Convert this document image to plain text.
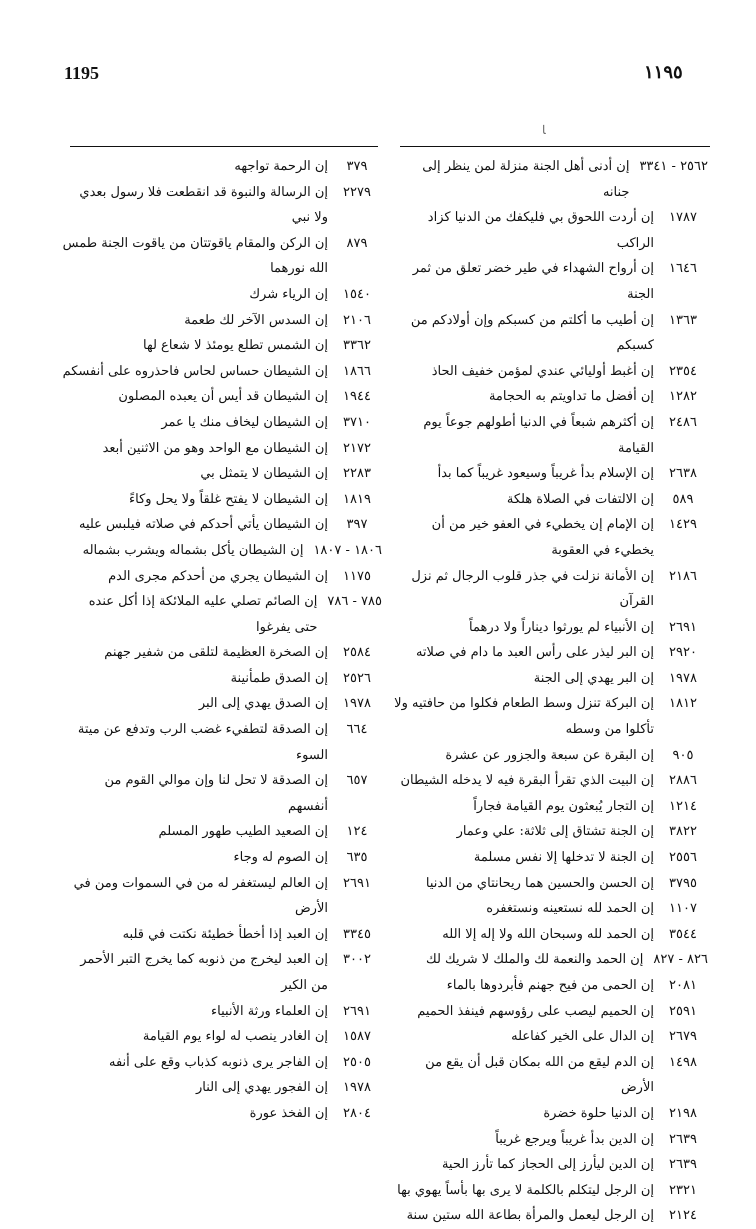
1195	١١٩٥
ﺎ
٢٥٦٢ - ٣٣٤١
إن أدنى أهل الجنة منزلة لمن ينظر إلى جنانه
١٧٨٧
إن أردت اللحوق بي فليكفك من الدنيا كزاد الراكب
١٦٤٦
إن أرواح الشهداء في طير خضر تعلق من ثمر الجنة
١٣٦٣
إن أطيب ما أكلتم من كسبكم وإن أولادكم من كسبكم
٢٣٥٤
إن أغبط أوليائي عندي لمؤمن خفيف الحاذ
١٢٨٢
إن أفضل ما تداويتم به الحجامة
٢٤٨٦
إن أكثرهم شبعاً في الدنيا أطولهم جوعاً يوم القيامة
٢٦٣٨
إن الإسلام بدأ غريباً وسيعود غريباً كما بدأ
٥٨٩
إن الالتفات في الصلاة هلكة
١٤٢٩
إن الإمام إن يخطيء في العفو خير من أن يخطيء في العقوبة
٢١٨٦
إن الأمانة نزلت في جذر قلوب الرجال ثم نزل القرآن
٢٦٩١
إن الأنبياء لم يورثوا ديناراً ولا درهماً
٢٩٢٠
إن البر ليذر على رأس العبد ما دام في صلاته
١٩٧٨
إن البر يهدي إلى الجنة
١٨١٢
إن البركة تنزل وسط الطعام فكلوا من حافتيه ولا تأكلوا من وسطه
٩٠٥
إن البقرة عن سبعة والجزور عن عشرة
٢٨٨٦
إن البيت الذي تقرأ البقرة فيه لا يدخله الشيطان
١٢١٤
إن التجار يُبعثون يوم القيامة فجاراً
٣٨٢٢
إن الجنة تشتاق إلى ثلاثة: علي وعمار
٢٥٥٦
إن الجنة لا تدخلها إلا نفس مسلمة
٣٧٩٥
إن الحسن والحسين هما ريحانتاي من الدنيا
١١٠٧
إن الحمد لله نستعينه ونستغفره
٣٥٤٤
إن الحمد لله وسبحان الله ولا إله إلا الله
٨٢٦ - ٨٢٧
إن الحمد والنعمة لك والملك لا شريك لك
٢٠٨١
إن الحمى من فيح جهنم فأبردوها بالماء
٢٥٩١
إن الحميم ليصب على رؤوسهم فينفذ الحميم
٢٦٧٩
إن الدال على الخير كفاعله
١٤٩٨
إن الدم ليقع من الله بمكان قبل أن يقع من الأرض
٢١٩٨
إن الدنيا حلوة خضرة
٢٦٣٩
إن الدين بدأ غريباً ويرجع غريباً
٢٦٣٩
إن الدين ليأرز إلى الحجاز كما تأرز الحية
٢٣٢١
إن الرجل ليتكلم بالكلمة لا يرى بها بأساً يهوي بها
٢١٢٤
إن الرجل ليعمل والمرأة بطاعة الله ستين سنة
٣٧٩
إن الرحمة تواجهه
٢٢٧٩
إن الرسالة والنبوة قد انقطعت فلا رسول بعدي ولا نبي
٨٧٩
إن الركن والمقام ياقوتتان من ياقوت الجنة طمس الله نورهما
١٥٤٠
إن الرياء شرك
٢١٠٦
إن السدس الآخر لك طعمة
٣٣٦٢
إن الشمس تطلع يومئذ لا شعاع لها
١٨٦٦
إن الشيطان حساس لحاس فاحذروه على أنفسكم
١٩٤٤
إن الشيطان قد أيس أن يعبده المصلون
٣٧١٠
إن الشيطان ليخاف منك يا عمر
٢١٧٢
إن الشيطان مع الواحد وهو من الاثنين أبعد
٢٢٨٣
إن الشيطان لا يتمثل بي
١٨١٩
إن الشيطان لا يفتح غلقاً ولا يحل وكاءً
٣٩٧
إن الشيطان يأتي أحدكم في صلاته فيلبس عليه
١٨٠٦ - ١٨٠٧
إن الشيطان يأكل بشماله ويشرب بشماله
١١٧٥
إن الشيطان يجري من أحدكم مجرى الدم
٧٨٥ - ٧٨٦
إن الصائم تصلي عليه الملائكة إذا أكل عنده حتى يفرغوا
٢٥٨٤
إن الصخرة العظيمة لتلقى من شفير جهنم
٢٥٢٦
إن الصدق طمأنينة
١٩٧٨
إن الصدق يهدي إلى البر
٦٦٤
إن الصدقة لتطفيء غضب الرب وتدفع عن ميتة السوء
٦٥٧
إن الصدقة لا تحل لنا وإن موالي القوم من أنفسهم
١٢٤
إن الصعيد الطيب طهور المسلم
٦٣٥
إن الصوم له وجاء
٢٦٩١
إن العالم ليستغفر له من في السموات ومن في الأرض
٣٣٤٥
إن العبد إذا أخطأ خطيئة نكتت في قلبه
٣٠٠٢
إن العبد ليخرج من ذنوبه كما يخرج التبر الأحمر من الكير
٢٦٩١
إن العلماء ورثة الأنبياء
١٥٨٧
إن الغادر ينصب له لواء يوم القيامة
٢٥٠٥
إن الفاجر يرى ذنوبه كذباب وقع على أنفه
١٩٧٨
إن الفجور يهدي إلى النار
٢٨٠٤
إن الفخذ عورة
